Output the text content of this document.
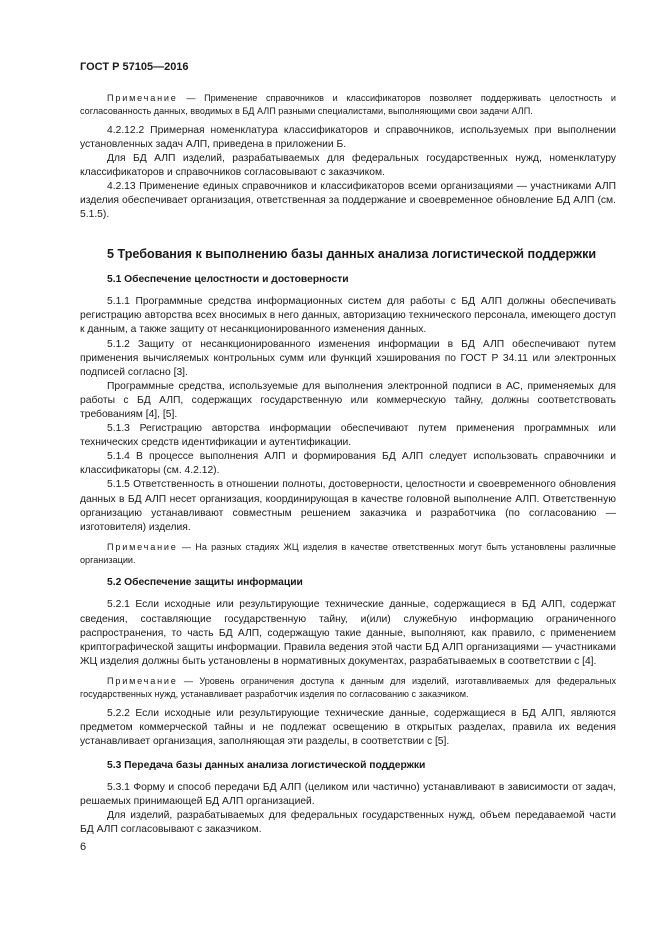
ГОСТ Р 57105—2016

Примечание — Применение справочников и классификаторов позволяет поддерживать целостность и согласованность данных, вводимых в БД АЛП разными специалистами, выполняющими свои задачи АЛП.

4.2.12.2 Примерная номенклатура классификаторов и справочников, используемых при выполнении установленных задач АЛП, приведена в приложении Б.

Для БД АЛП изделий, разрабатываемых для федеральных государственных нужд, номенклатуру классификаторов и справочников согласовывают с заказчиком.

4.2.13 Применение единых справочников и классификаторов всеми организациями — участниками АЛП изделия обеспечивает организация, ответственная за поддержание и своевременное обновление БД АЛП (см. 5.1.5).

5 Требования к выполнению базы данных анализа логистической поддержки
5.1 Обеспечение целостности и достоверности

5.1.1 Программные средства информационных систем для работы с БД АЛП должны обеспечивать регистрацию авторства всех вносимых в него данных, авторизацию технического персонала, имеющего доступ к данным, а также защиту от несанкционированного изменения данных.

5.1.2 Защиту от несанкционированного изменения информации в БД АЛП обеспечивают путем применения вычисляемых контрольных сумм или функций хэширования по ГОСТ Р 34.11 или электронных подписей согласно [3].

Программные средства, используемые для выполнения электронной подписи в АС, применяемых для работы с БД АЛП, содержащих государственную или коммерческую тайну, должны соответствовать требованиям [4], [5].

5.1.3 Регистрацию авторства информации обеспечивают путем применения программных или технических средств идентификации и аутентификации.

5.1.4 В процессе выполнения АЛП и формирования БД АЛП следует использовать справочники и классификаторы (см. 4.2.12).

5.1.5 Ответственность в отношении полноты, достоверности, целостности и своевременного обновления данных в БД АЛП несет организация, координирующая в качестве головной выполнение АЛП. Ответственную организацию устанавливают совместным решением заказчика и разработчика (по согласованию — изготовителя) изделия.

Примечание — На разных стадиях ЖЦ изделия в качестве ответственных могут быть установлены различные организации.

5.2 Обеспечение защиты информации

5.2.1 Если исходные или результирующие технические данные, содержащиеся в БД АЛП, содержат сведения, составляющие государственную тайну, и(или) служебную информацию ограниченного распространения, то часть БД АЛП, содержащую такие данные, выполняют, как правило, с применением криптографической защиты информации. Правила ведения этой части БД АЛП организациями — участниками ЖЦ изделия должны быть установлены в нормативных документах, разрабатываемых в соответствии с [4].

Примечание — Уровень ограничения доступа к данным для изделий, изготавливаемых для федеральных государственных нужд, устанавливает разработчик изделия по согласованию с заказчиком.

5.2.2 Если исходные или результирующие технические данные, содержащиеся в БД АЛП, являются предметом коммерческой тайны и не подлежат освещению в открытых разделах, правила их ведения устанавливает организация, заполняющая эти разделы, в соответствии с [5].

5.3 Передача базы данных анализа логистической поддержки

5.3.1 Форму и способ передачи БД АЛП (целиком или частично) устанавливают в зависимости от задач, решаемых принимающей БД АЛП организацией.

Для изделий, разрабатываемых для федеральных государственных нужд, объем передаваемой части БД АЛП согласовывают с заказчиком.

6
